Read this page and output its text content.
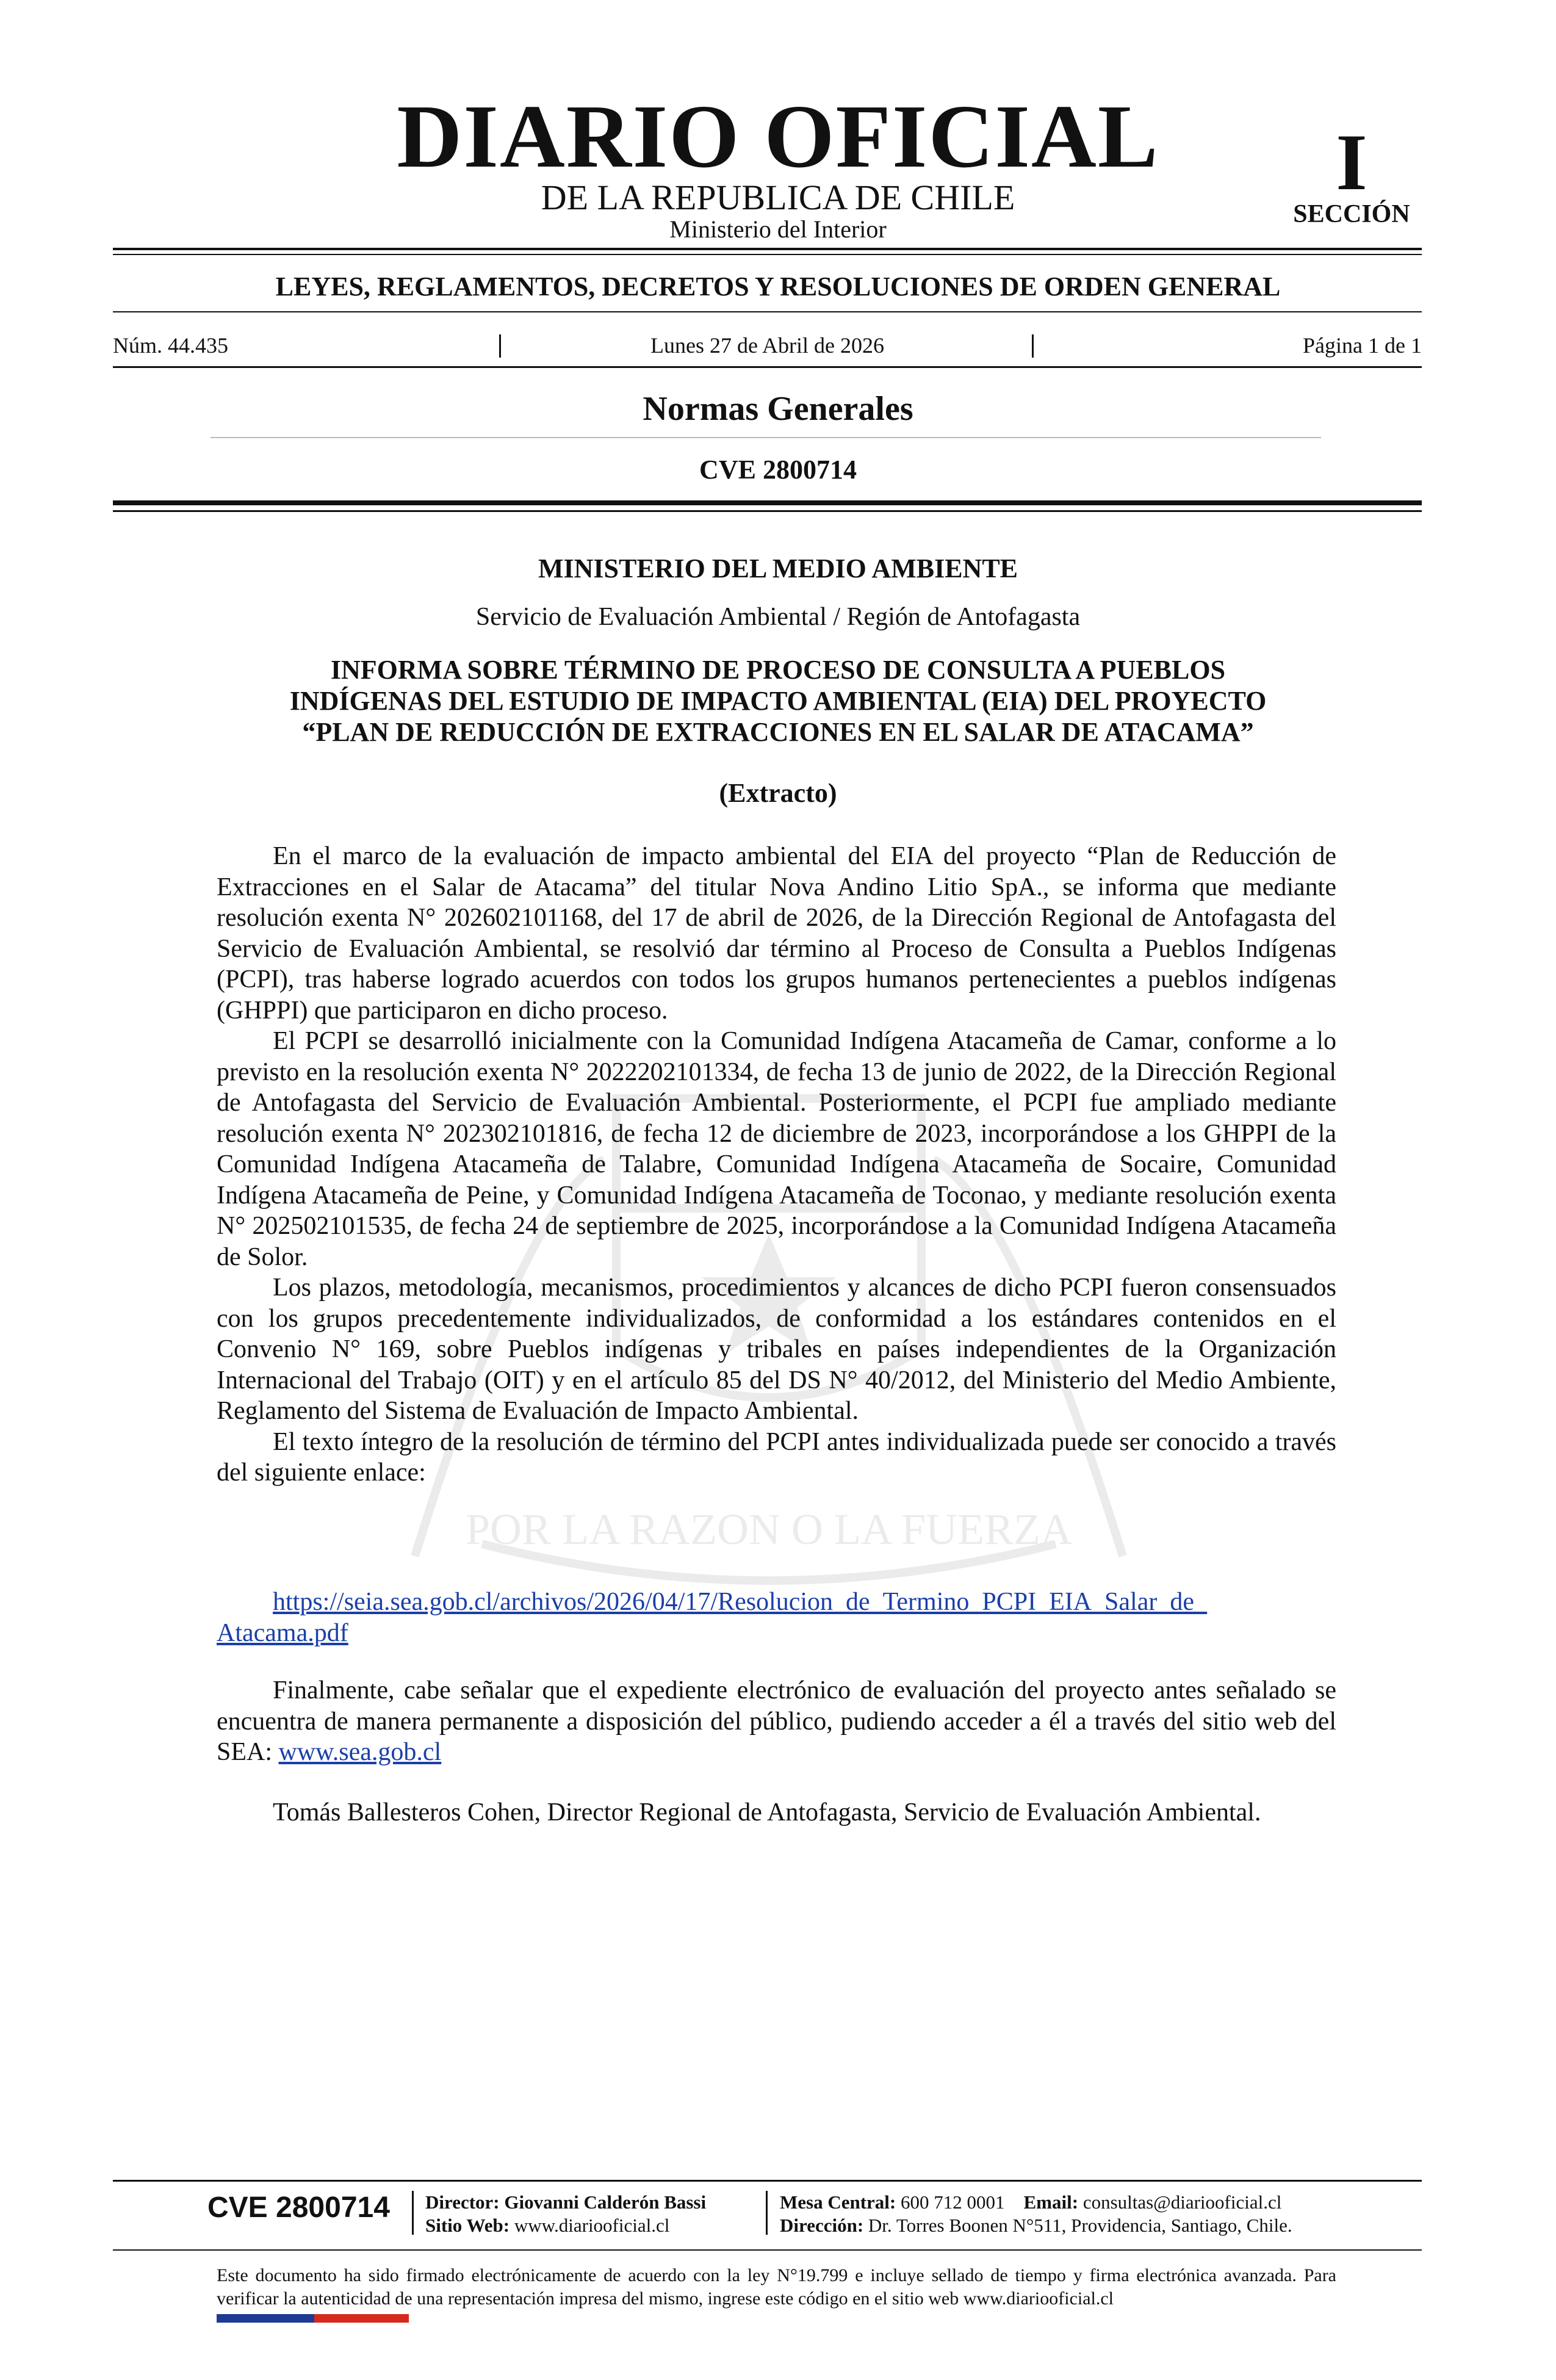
POR LA RAZON O LA FUERZA
DIARIO OFICIAL
DE LA REPUBLICA DE CHILE
Ministerio del Interior
I
SECCIÓN
LEYES, REGLAMENTOS, DECRETOS Y RESOLUCIONES DE ORDEN GENERAL
Núm. 44.435	Lunes 27 de Abril de 2026	Página 1 de 1
Normas Generales
CVE 2800714
MINISTERIO DEL MEDIO AMBIENTE
Servicio de Evaluación Ambiental / Región de Antofagasta
INFORMA SOBRE TÉRMINO DE PROCESO DE CONSULTA A PUEBLOS
INDÍGENAS DEL ESTUDIO DE IMPACTO AMBIENTAL (EIA) DEL PROYECTO
“PLAN DE REDUCCIÓN DE EXTRACCIONES EN EL SALAR DE ATACAMA”
(Extracto)

En el marco de la evaluación de impacto ambiental del EIA del proyecto “Plan de Reducción de Extracciones en el Salar de Atacama” del titular Nova Andino Litio SpA., se informa que mediante resolución exenta N° 202602101168, del 17 de abril de 2026, de la Dirección Regional de Antofagasta del Servicio de Evaluación Ambiental, se resolvió dar término al Proceso de Consulta a Pueblos Indígenas (PCPI), tras haberse logrado acuerdos con todos los grupos humanos pertenecientes a pueblos indígenas (GHPPI) que participaron en dicho proceso.

El PCPI se desarrolló inicialmente con la Comunidad Indígena Atacameña de Camar, conforme a lo previsto en la resolución exenta N° 2022202101334, de fecha 13 de junio de 2022, de la Dirección Regional de Antofagasta del Servicio de Evaluación Ambiental. Posteriormente, el PCPI fue ampliado mediante resolución exenta N° 202302101816, de fecha 12 de diciembre de 2023, incorporándose a los GHPPI de la Comunidad Indígena Atacameña de Talabre, Comunidad Indígena Atacameña de Socaire, Comunidad Indígena Atacameña de Peine, y Comunidad Indígena Atacameña de Toconao, y mediante resolución exenta N° 202502101535, de fecha 24 de septiembre de 2025, incorporándose a la Comunidad Indígena Atacameña de Solor.

Los plazos, metodología, mecanismos, procedimientos y alcances de dicho PCPI fueron consensuados con los grupos precedentemente individualizados, de conformidad a los estándares contenidos en el Convenio N° 169, sobre Pueblos indígenas y tribales en países independientes de la Organización Internacional del Trabajo (OIT) y en el artículo 85 del DS N° 40/2012, del Ministerio del Medio Ambiente, Reglamento del Sistema de Evaluación de Impacto Ambiental.

El texto íntegro de la resolución de término del PCPI antes individualizada puede ser conocido a través del siguiente enlace:

https://seia.sea.gob.cl/archivos/2026/04/17/Resolucion_de_Termino_PCPI_EIA_Salar_de_
Atacama.pdf

Finalmente, cabe señalar que el expediente electrónico de evaluación del proyecto antes señalado se encuentra de manera permanente a disposición del público, pudiendo acceder a él a través del sitio web del SEA: www.sea.gob.cl

Tomás Ballesteros Cohen, Director Regional de Antofagasta, Servicio de Evaluación Ambiental.

CVE 2800714 Director: Giovanni Calderón Bassi
Sitio Web: www.diariooficial.cl
Mesa Central: 600 712 0001 Email: consultas@diariooficial.cl
Dirección: Dr. Torres Boonen N°511, Providencia, Santiago, Chile.
Este documento ha sido firmado electrónicamente de acuerdo con la ley N°19.799 e incluye sellado de tiempo y firma electrónica avanzada. Para verificar la autenticidad de una representación impresa del mismo, ingrese este código en el sitio web www.diariooficial.cl
